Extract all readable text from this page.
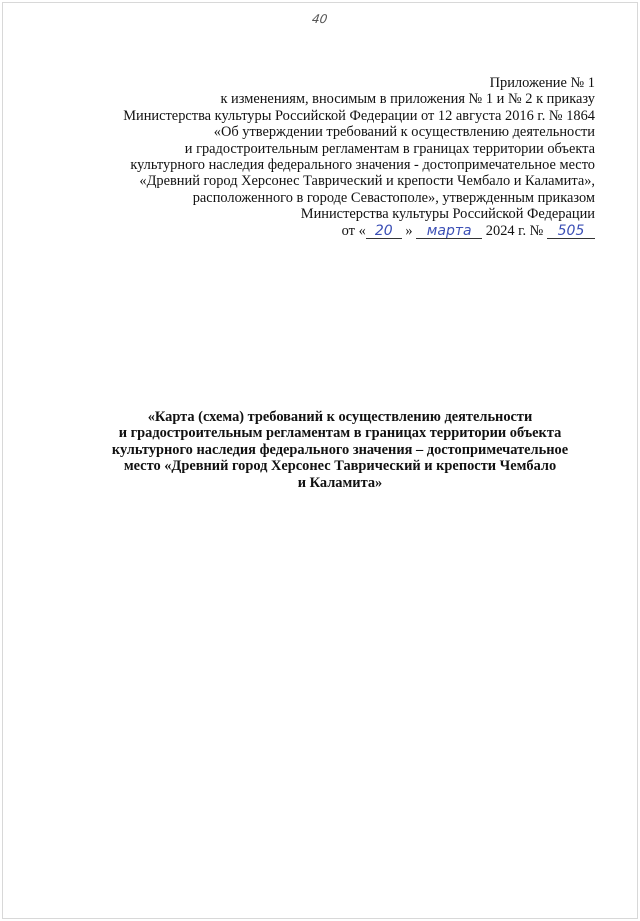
40
Приложение № 1
к изменениям, вносимым в приложения № 1 и № 2 к приказу
Министерства культуры Российской Федерации от 12 августа 2016 г. № 1864
«Об утверждении требований к осуществлению деятельности
и градостроительным регламентам в границах территории объекта
культурного наследия федерального значения - достопримечательное место
«Древний город Херсонес Таврический и крепости Чембало и Каламита»,
расположенного в городе Севастополе», утвержденным приказом
Министерства культуры Российской Федерации
от « 20 » марта 2024 г. № 505
«Карта (схема) требований к осуществлению деятельности
и градостроительным регламентам в границах территории объекта
культурного наследия федерального значения – достопримечательное
место «Древний город Херсонес Таврический и крепости Чембало
и Каламита»
